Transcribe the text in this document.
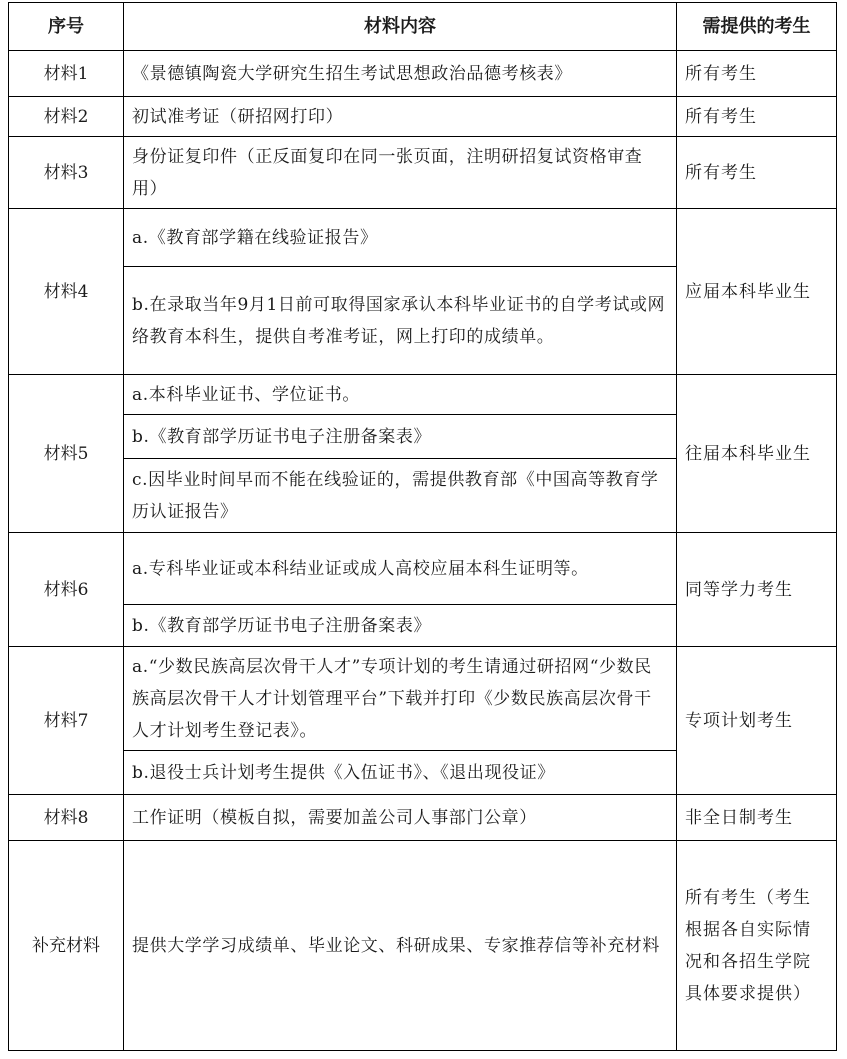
序号	材料内容	需提供的考生
材料1	《景德镇陶瓷大学研究生招生考试思想政治品德考核表》	所有考生
材料2	初试准考证（研招网打印）	所有考生
材料3	身份证复印件（正反面复印在同一张页面，注明研招复试资格审查用）	所有考生
材料4	a.《教育部学籍在线验证报告》	应届本科毕业生
	b.在录取当年9月1日前可取得国家承认本科毕业证书的自学考试或网络教育本科生，提供自考准考证，网上打印的成绩单。	
材料5	a.本科毕业证书、学位证书。	往届本科毕业生
	b.《教育部学历证书电子注册备案表》	
	c.因毕业时间早而不能在线验证的，需提供教育部《中国高等教育学历认证报告》	
材料6	a.专科毕业证或本科结业证或成人高校应届本科生证明等。	同等学力考生
	b.《教育部学历证书电子注册备案表》	
材料7	a.“少数民族高层次骨干人才”专项计划的考生请通过研招网“少数民族高层次骨干人才计划管理平台”下载并打印《少数民族高层次骨干人才计划考生登记表》。	专项计划考生
	b.退役士兵计划考生提供《入伍证书》、《退出现役证》	
材料8	工作证明（模板自拟，需要加盖公司人事部门公章）	非全日制考生
补充材料	提供大学学习成绩单、毕业论文、科研成果、专家推荐信等补充材料	所有考生（考生根据各自实际情况和各招生学院具体要求提供）
